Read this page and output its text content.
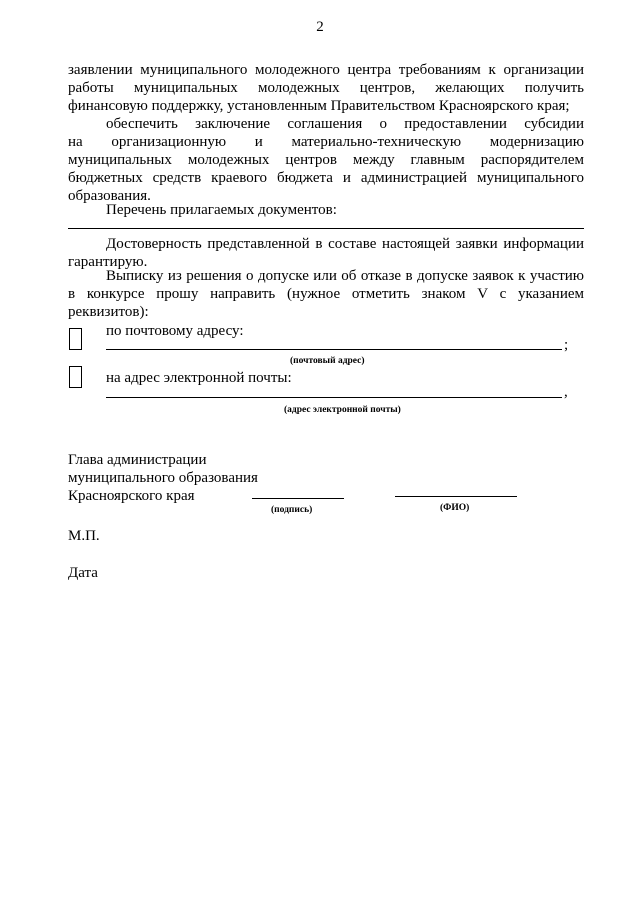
2
заявлении муниципального молодежного центра требованиям к организации
работы муниципальных молодежных центров, желающих получить
финансовую поддержку, установленным Правительством Красноярского края;
обеспечить заключение соглашения о предоставлении субсидии
на организационную и материально-техническую модернизацию
муниципальных молодежных центров между главным распорядителем
бюджетных средств краевого бюджета и администрацией муниципального
образования.
Перечень прилагаемых документов:
Достоверность представленной в составе настоящей заявки информации
гарантирую.
Выписку из решения о допуске или об отказе в допуске заявок к участию
в конкурсе прошу направить (нужное отметить знаком V с указанием
реквизитов):
по почтовому адресу:
;
(почтовый адрес)
на адрес электронной почты:
,
(адрес электронной почты)
Глава администрации
муниципального образования
Красноярского края
(подпись)	(ФИО)
М.П.
Дата
